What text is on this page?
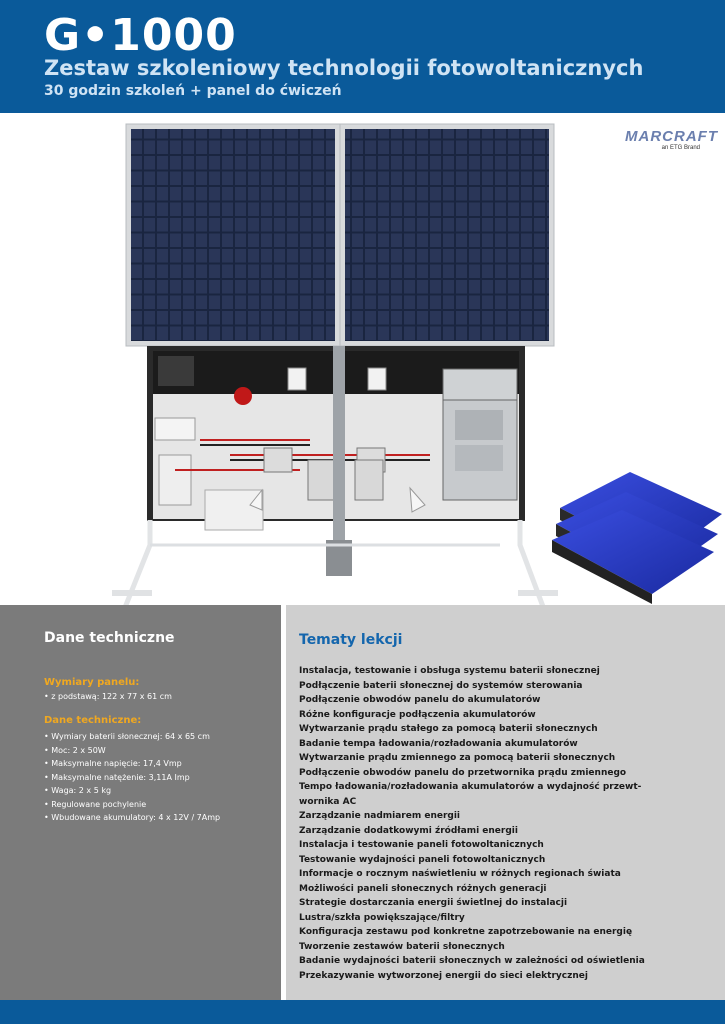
G•1000
Zestaw szkoleniowy technologii fotowoltanicznych
30 godzin szkoleń + panel do ćwiczeń
MARCRAFT
an ETG Brand
Dane techniczne
Wymiary panelu:
• z podstawą: 122 x 77 x 61 cm
Dane techniczne:
• Wymiary baterii słonecznej: 64 x 65 cm
• Moc: 2 x 50W
• Maksymalne napięcie: 17,4 Vmp
• Maksymalne natężenie: 3,11A Imp
• Waga: 2 x 5 kg
• Regulowane pochylenie
• Wbudowane akumulatory: 4 x 12V / 7Amp
Tematy lekcji
Instalacja, testowanie i obsługa systemu baterii słonecznej
Podłączenie baterii słonecznej do systemów sterowania
Podłączenie obwodów panelu do akumulatorów
Różne konfiguracje podłączenia akumulatorów
Wytwarzanie prądu stałego za pomocą baterii słonecznych
Badanie tempa ładowania/rozładowania akumulatorów
Wytwarzanie prądu zmiennego za pomocą baterii słonecznych
Podłączenie obwodów panelu do przetwornika prądu zmiennego
Tempo ładowania/rozładowania akumulatorów a wydajność przewt-
wornika AC
Zarządzanie nadmiarem energii
Zarządzanie dodatkowymi źródłami energii
Instalacja i testowanie paneli fotowoltanicznych
Testowanie wydajności paneli fotowoltanicznych
Informacje o rocznym naświetleniu w różnych regionach świata
Możliwości paneli słonecznych różnych generacji
Strategie dostarczania energii świetlnej do instalacji
Lustra/szkła powiększające/filtry
Konfiguracja zestawu pod konkretne zapotrzebowanie na energię
Tworzenie zestawów baterii słonecznych
Badanie wydajności baterii słonecznych w zależności od oświetlenia
Przekazywanie wytworzonej energii do sieci elektrycznej
